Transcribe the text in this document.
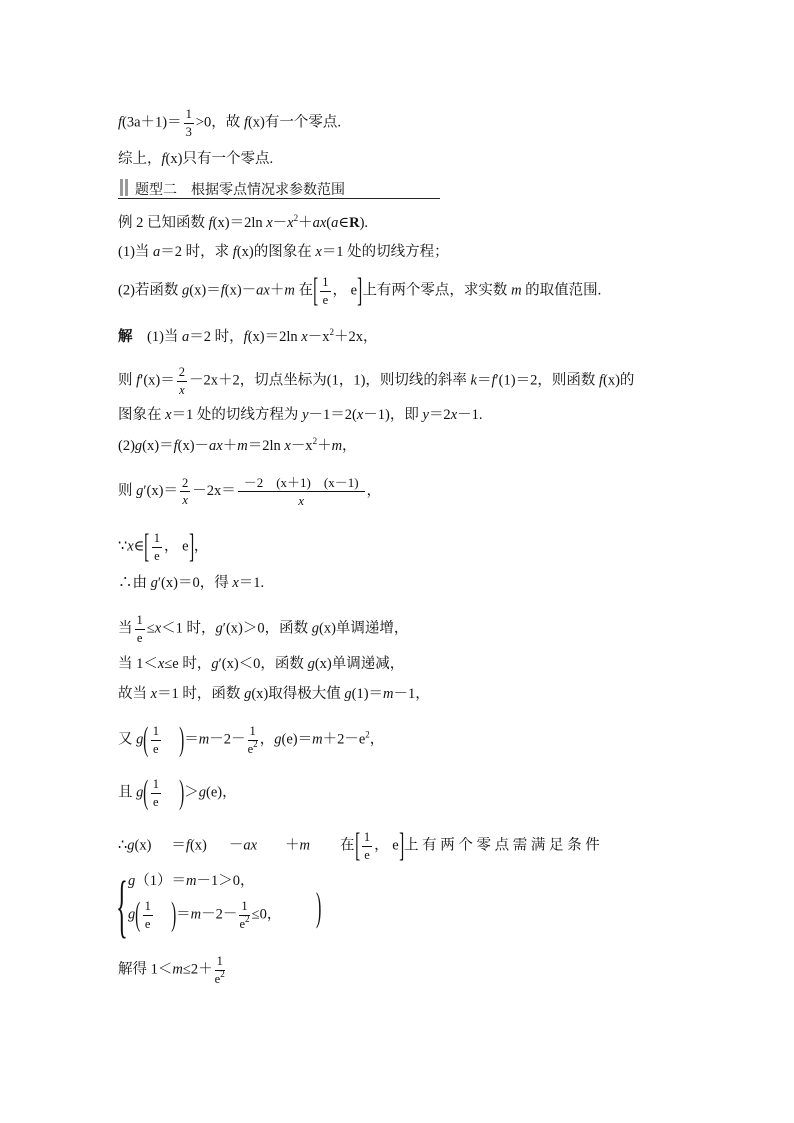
$f(3a+1)= \frac{1}{3} >0$，故 f(x)有一个零点.
综上，f(x)只有一个零点.
题型二　根据零点情况求参数范围
例 2 已知函数 f(x)＝2ln $x-x^2+ax(a\in R)$.
(1)当 a＝2 时，求 f(x)的图象在 x＝1 处的切线方程；
(2)若函数 g(x)＝f(x)－ax＋m 在[ $\frac{1}{e}$ ， e]上有两个零点，求实数 m 的取值范围.
解　(1)当 a＝2 时，f(x)＝2ln $x-x^2+2x$，
则 $f'(x)= \frac{2}{x} -2x+2$，切点坐标为(1，1)，则切线的斜率 k＝f′(1)＝2，则函数 f(x)的
图象在 x＝1 处的切线方程为 y－1＝2(x－1)，即 y＝2x－1.
(2)g(x)＝f(x)－ax＋m＝2ln $x-x^2+m$，
则 $g'(x)= \frac{2}{x} -2x= \frac{-2 (x+1) (x-1)}{x}$ ，
∵x∈[ $\frac{1}{e}$ ， e]，
∴由 g′(x)＝0，得 x＝1.
当 $\frac{1}{e} \le x<1$ 时，g′(x)＞0，函数 g(x)单调递增，
当 1＜x≤e 时，g′(x)＜0，函数 g(x)单调递减，
故当 x＝1 时，函数 g(x)取得极大值 g(1)＝m－1，
又 $g( \frac{1}{e} )=m-2- \frac{1}{e^2}$ ，$g(e)=m+2-e^2$，
且 $g( \frac{1}{e} )>g(e)$，
∴g(x) ＝f(x) －ax ＋m 在[ $\frac{1}{e}$ ， e]上 有 两 个 零 点 需 满 足 条 件
{ g（1）＝m－1＞0，
$g( \frac{1}{e} )=m-2- \frac{1}{e^2} \le 0$， )
解得 $1<m\le 2+ \frac{1}{e^2}$
